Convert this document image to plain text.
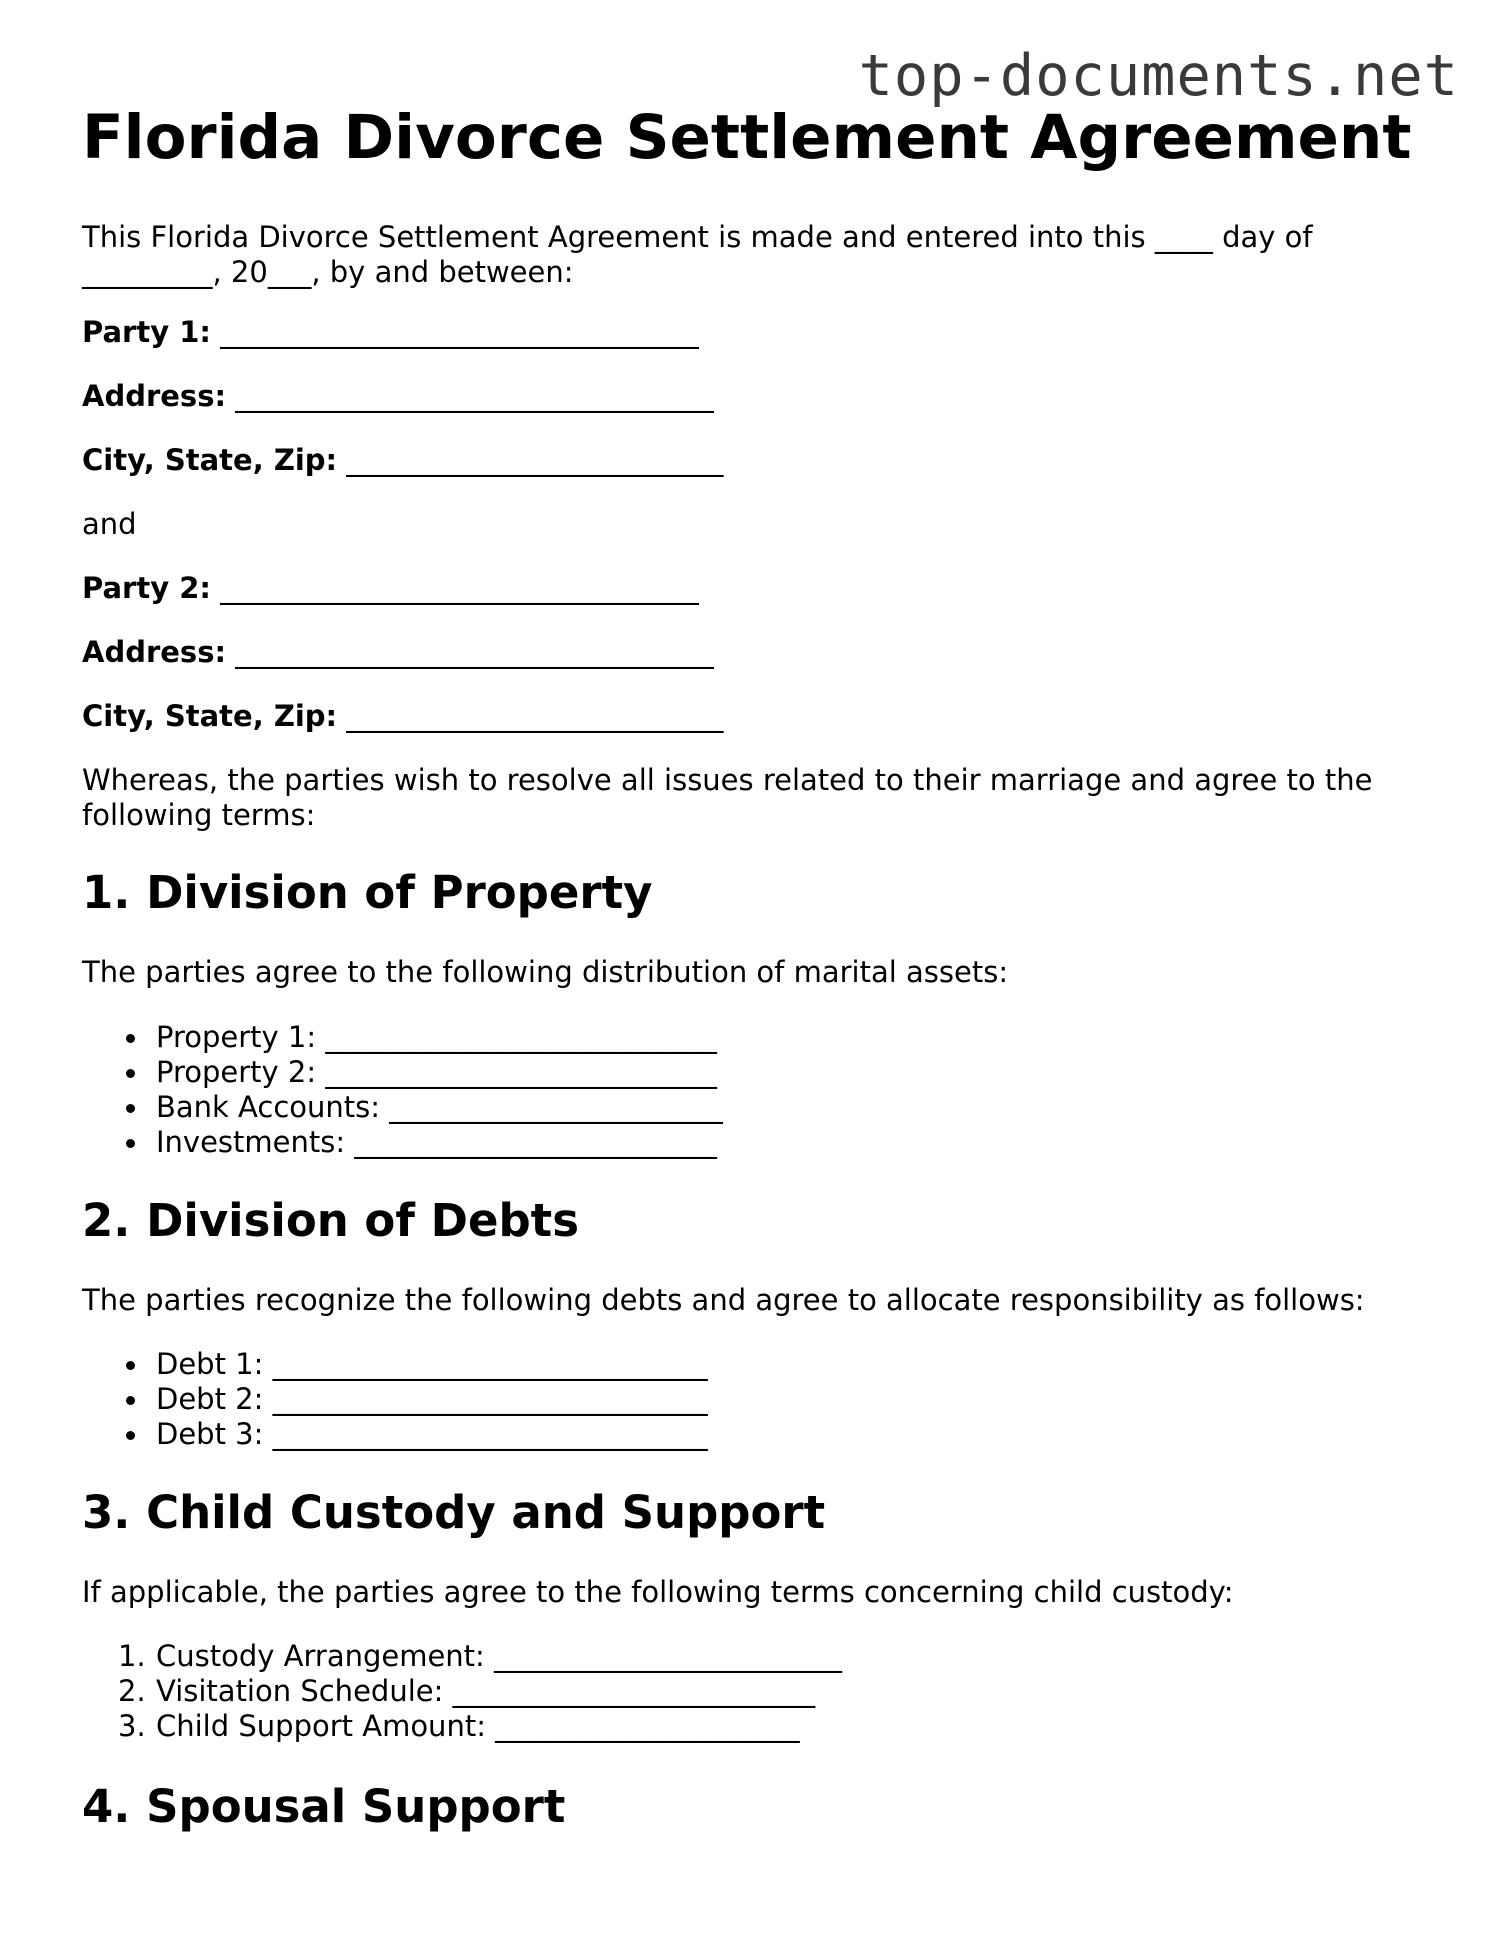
top-documents.net
Florida Divorce Settlement Agreement

This Florida Divorce Settlement Agreement is made and entered into this ____ day of
_________, 20___, by and between:

Party 1: _________________________________

Address: _________________________________

City, State, Zip: __________________________

and

Party 2: _________________________________

Address: _________________________________

City, State, Zip: __________________________

Whereas, the parties wish to resolve all issues related to their marriage and agree to the
following terms:

1. Division of Property

The parties agree to the following distribution of marital assets:

Property 1: ___________________________
Property 2: ___________________________
Bank Accounts: _______________________
Investments: _________________________
2. Division of Debts

The parties recognize the following debts and agree to allocate responsibility as follows:

Debt 1: ______________________________
Debt 2: ______________________________
Debt 3: ______________________________
3. Child Custody and Support

If applicable, the parties agree to the following terms concerning child custody:

1. Custody Arrangement: ________________________
2. Visitation Schedule: _________________________
3. Child Support Amount: _____________________
4. Spousal Support
